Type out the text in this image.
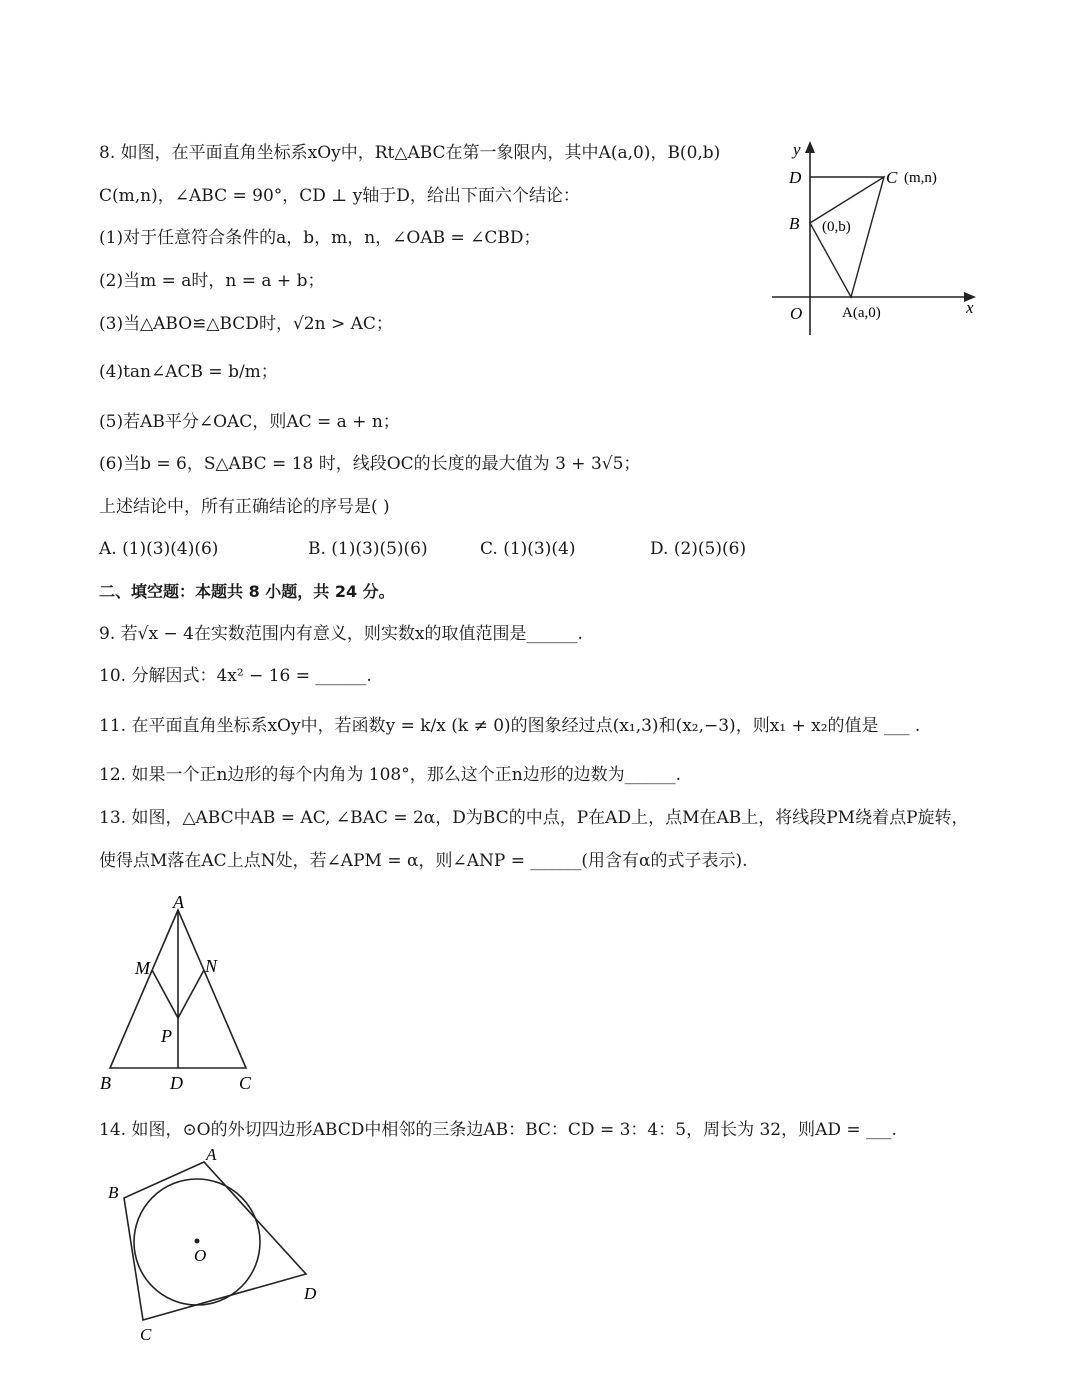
8. 如图，在平面直角坐标系xOy中，Rt△ABC在第一象限内，其中A(a,0)，B(0,b)
C(m,n)，∠ABC = 90°，CD ⊥ y轴于D，给出下面六个结论：
(1)对于任意符合条件的a，b，m，n，∠OAB = ∠CBD；
(2)当m = a时，n = a + b；
(3)当△ABO≌△BCD时，√2n > AC；
(4)tan∠ACB = b/m；
(5)若AB平分∠OAC，则AC = a + n；
(6)当b = 6，S△ABC = 18 时，线段OC的长度的最大值为 3 + 3√5；
上述结论中，所有正确结论的序号是( )
A. (1)(3)(4)(6)	B. (1)(3)(5)(6)	C. (1)(3)(4)	D. (2)(5)(6)
y
x
O
D
B
C (m,n)
(0,b)
A(a,0)
二、填空题：本题共 8 小题，共 24 分。
9. 若√x − 4在实数范围内有意义，则实数x的取值范围是______.
10. 分解因式：4x² − 16 = ______.
11. 在平面直角坐标系xOy中，若函数y = k/x (k ≠ 0)的图象经过点(x₁,3)和(x₂,−3)，则x₁ + x₂的值是 ___ .
12. 如果一个正n边形的每个内角为 108°，那么这个正n边形的边数为______.
13. 如图，△ABC中AB = AC, ∠BAC = 2α，D为BC的中点，P在AD上，点M在AB上，将线段PM绕着点P旋转，
使得点M落在AC上点N处，若∠APM = α，则∠ANP = ______(用含有α的式子表示).
A
M	N
P
B	D	C
14. 如图，⊙O的外切四边形ABCD中相邻的三条边AB：BC：CD = 3：4：5，周长为 32，则AD = ___.
A
B
C
D
O
